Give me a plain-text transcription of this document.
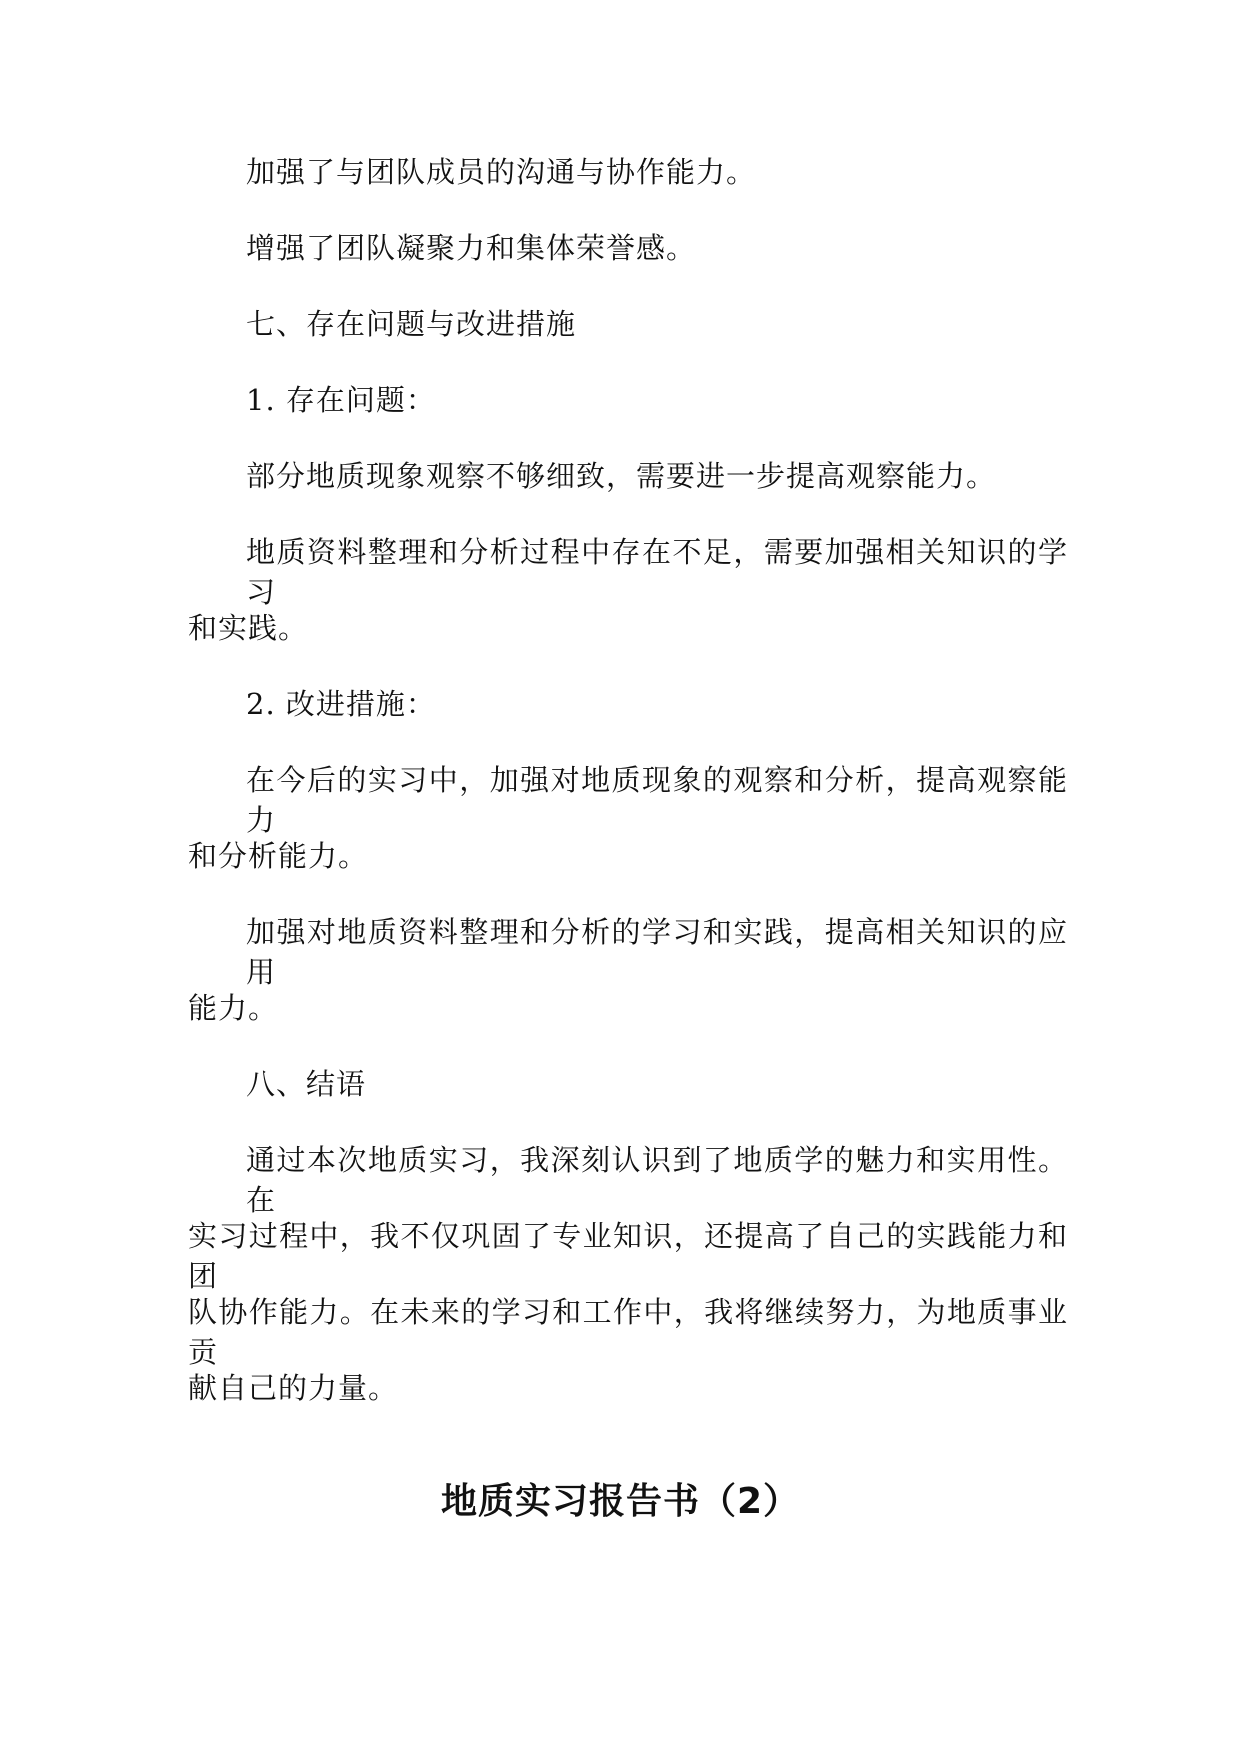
加强了与团队成员的沟通与协作能力。
增强了团队凝聚力和集体荣誉感。
七、存在问题与改进措施
1. 存在问题：
部分地质现象观察不够细致，需要进一步提高观察能力。
地质资料整理和分析过程中存在不足，需要加强相关知识的学习
和实践。
2. 改进措施：
在今后的实习中，加强对地质现象的观察和分析，提高观察能力
和分析能力。
加强对地质资料整理和分析的学习和实践，提高相关知识的应用
能力。
八、结语
通过本次地质实习，我深刻认识到了地质学的魅力和实用性。在
实习过程中，我不仅巩固了专业知识，还提高了自己的实践能力和团
队协作能力。在未来的学习和工作中，我将继续努力，为地质事业贡
献自己的力量。
地质实习报告书（2）
